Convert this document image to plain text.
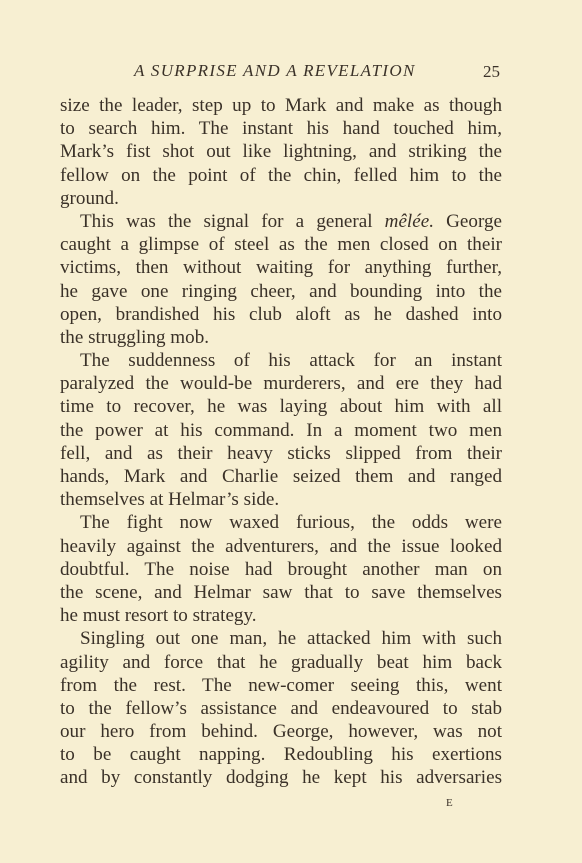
A SURPRISE AND A REVELATION	25
size the leader, step up to Mark and make as though
to search him. The instant his hand touched him,
Mark’s fist shot out like lightning, and striking the
fellow on the point of the chin, felled him to the
ground.
This was the signal for a general mêlée. George
caught a glimpse of steel as the men closed on their
victims, then without waiting for anything further,
he gave one ringing cheer, and bounding into the
open, brandished his club aloft as he dashed into
the struggling mob.
The suddenness of his attack for an instant
paralyzed the would-be murderers, and ere they had
time to recover, he was laying about him with all
the power at his command. In a moment two men
fell, and as their heavy sticks slipped from their
hands, Mark and Charlie seized them and ranged
themselves at Helmar’s side.
The fight now waxed furious, the odds were
heavily against the adventurers, and the issue looked
doubtful. The noise had brought another man on
the scene, and Helmar saw that to save themselves
he must resort to strategy.
Singling out one man, he attacked him with such
agility and force that he gradually beat him back
from the rest. The new-comer seeing this, went
to the fellow’s assistance and endeavoured to stab
our hero from behind. George, however, was not
to be caught napping. Redoubling his exertions
and by constantly dodging he kept his adversaries
E
